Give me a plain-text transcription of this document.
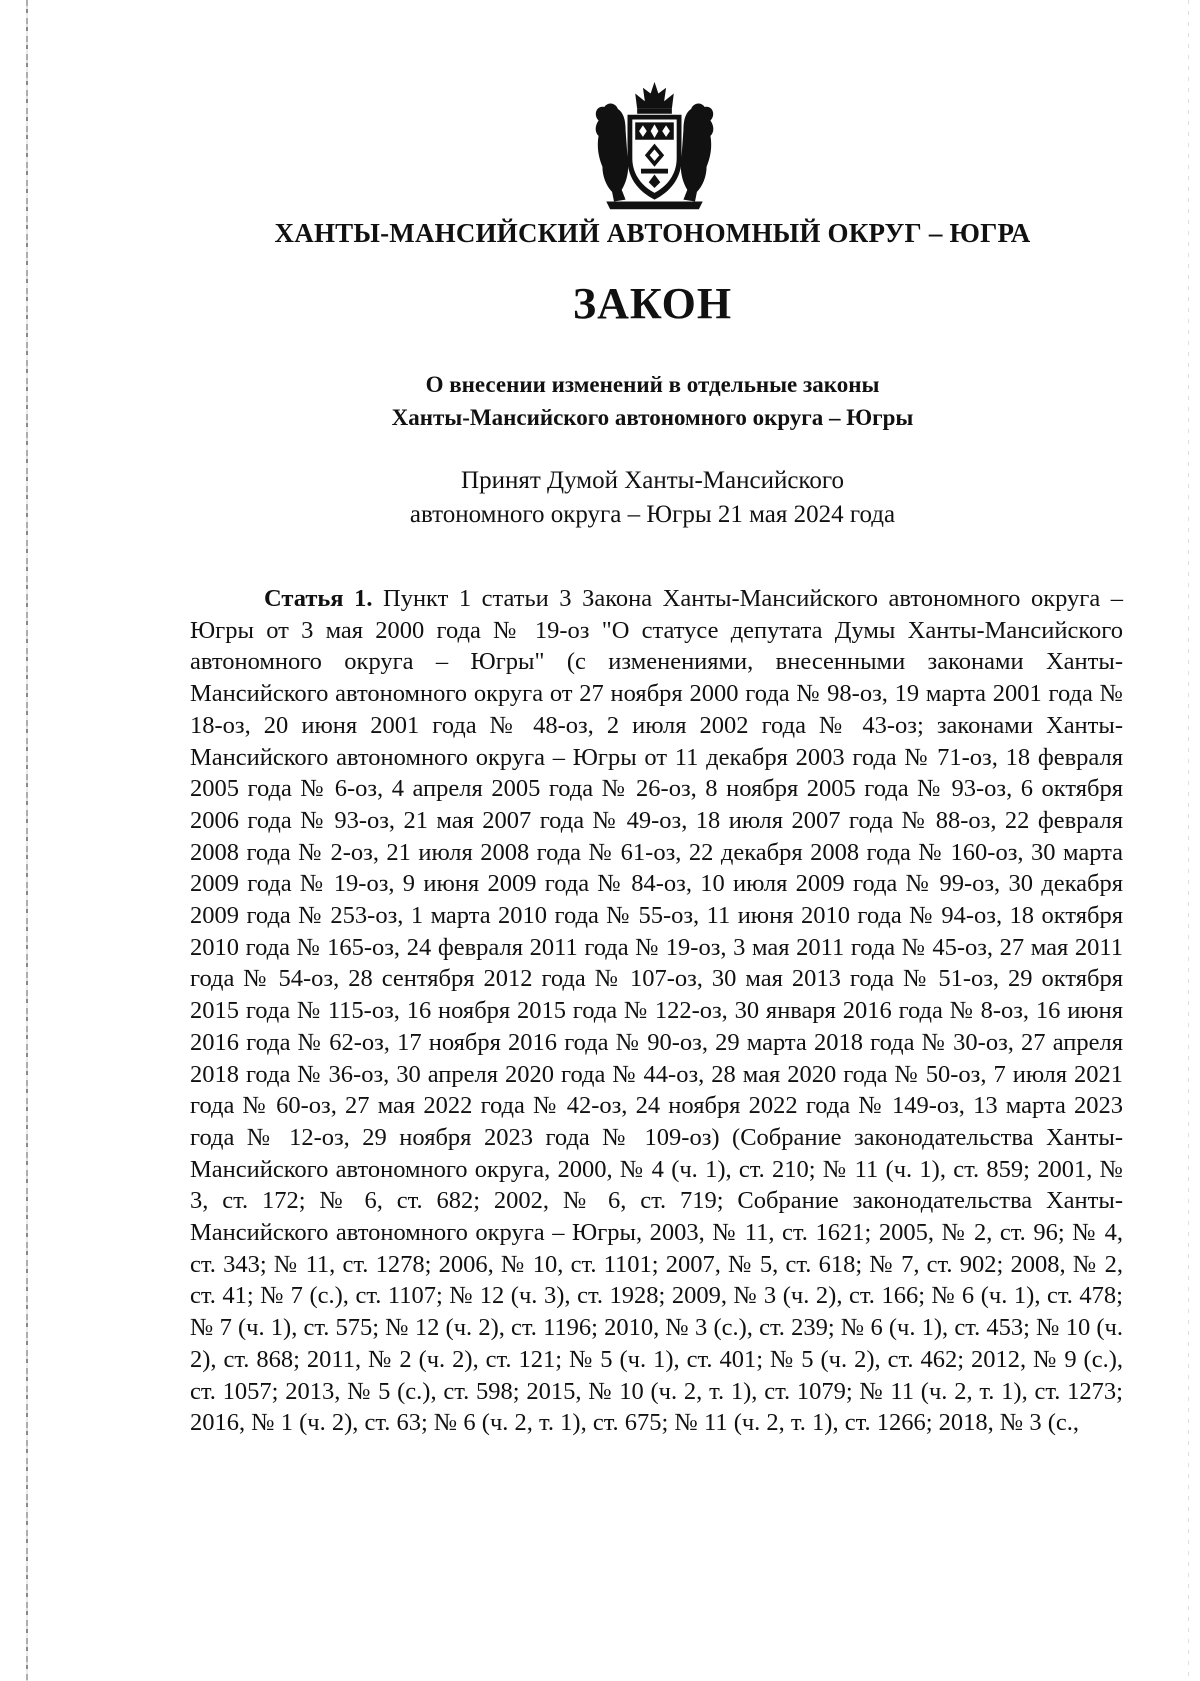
ХАНТЫ-МАНСИЙСКИЙ АВТОНОМНЫЙ ОКРУГ – ЮГРА
ЗАКОН
О внесении изменений в отдельные законы
Ханты-Мансийского автономного округа – Югры
Принят Думой Ханты-Мансийского
автономного округа – Югры 21 мая 2024 года

Статья 1. Пункт 1 статьи 3 Закона Ханты-Мансийского автономного округа – Югры от 3 мая 2000 года № 19-оз "О статусе депутата Думы Ханты-Мансийского автономного округа – Югры" (с изменениями, внесенными законами Ханты-Мансийского автономного округа от 27 ноября 2000 года № 98-оз, 19 марта 2001 года № 18-оз, 20 июня 2001 года № 48-оз, 2 июля 2002 года № 43-оз; законами Ханты-Мансийского автономного округа – Югры от 11 декабря 2003 года № 71-оз, 18 февраля 2005 года № 6-оз, 4 апреля 2005 года № 26-оз, 8 ноября 2005 года № 93-оз, 6 октября 2006 года № 93-оз, 21 мая 2007 года № 49-оз, 18 июля 2007 года № 88-оз, 22 февраля 2008 года № 2-оз, 21 июля 2008 года № 61-оз, 22 декабря 2008 года № 160-оз, 30 марта 2009 года № 19-оз, 9 июня 2009 года № 84-оз, 10 июля 2009 года № 99-оз, 30 декабря 2009 года № 253-оз, 1 марта 2010 года № 55-оз, 11 июня 2010 года № 94-оз, 18 октября 2010 года № 165-оз, 24 февраля 2011 года № 19-оз, 3 мая 2011 года № 45-оз, 27 мая 2011 года № 54-оз, 28 сентября 2012 года № 107-оз, 30 мая 2013 года № 51-оз, 29 октября 2015 года № 115-оз, 16 ноября 2015 года № 122-оз, 30 января 2016 года № 8-оз, 16 июня 2016 года № 62-оз, 17 ноября 2016 года № 90-оз, 29 марта 2018 года № 30-оз, 27 апреля 2018 года № 36-оз, 30 апреля 2020 года № 44-оз, 28 мая 2020 года № 50-оз, 7 июля 2021 года № 60-оз, 27 мая 2022 года № 42-оз, 24 ноября 2022 года № 149-оз, 13 марта 2023 года № 12-оз, 29 ноября 2023 года № 109-оз) (Собрание законодательства Ханты-Мансийского автономного округа, 2000, № 4 (ч. 1), ст. 210; № 11 (ч. 1), ст. 859; 2001, № 3, ст. 172; № 6, ст. 682; 2002, № 6, ст. 719; Собрание законодательства Ханты-Мансийского автономного округа – Югры, 2003, № 11, ст. 1621; 2005, № 2, ст. 96; № 4, ст. 343; № 11, ст. 1278; 2006, № 10, ст. 1101; 2007, № 5, ст. 618; № 7, ст. 902; 2008, № 2, ст. 41; № 7 (с.), ст. 1107; № 12 (ч. 3), ст. 1928; 2009, № 3 (ч. 2), ст. 166; № 6 (ч. 1), ст. 478; № 7 (ч. 1), ст. 575; № 12 (ч. 2), ст. 1196; 2010, № 3 (с.), ст. 239; № 6 (ч. 1), ст. 453; № 10 (ч. 2), ст. 868; 2011, № 2 (ч. 2), ст. 121; № 5 (ч. 1), ст. 401; № 5 (ч. 2), ст. 462; 2012, № 9 (с.), ст. 1057; 2013, № 5 (с.), ст. 598; 2015, № 10 (ч. 2, т. 1), ст. 1079; № 11 (ч. 2, т. 1), ст. 1273; 2016, № 1 (ч. 2), ст. 63; № 6 (ч. 2, т. 1), ст. 675; № 11 (ч. 2, т. 1), ст. 1266; 2018, № 3 (с.,
